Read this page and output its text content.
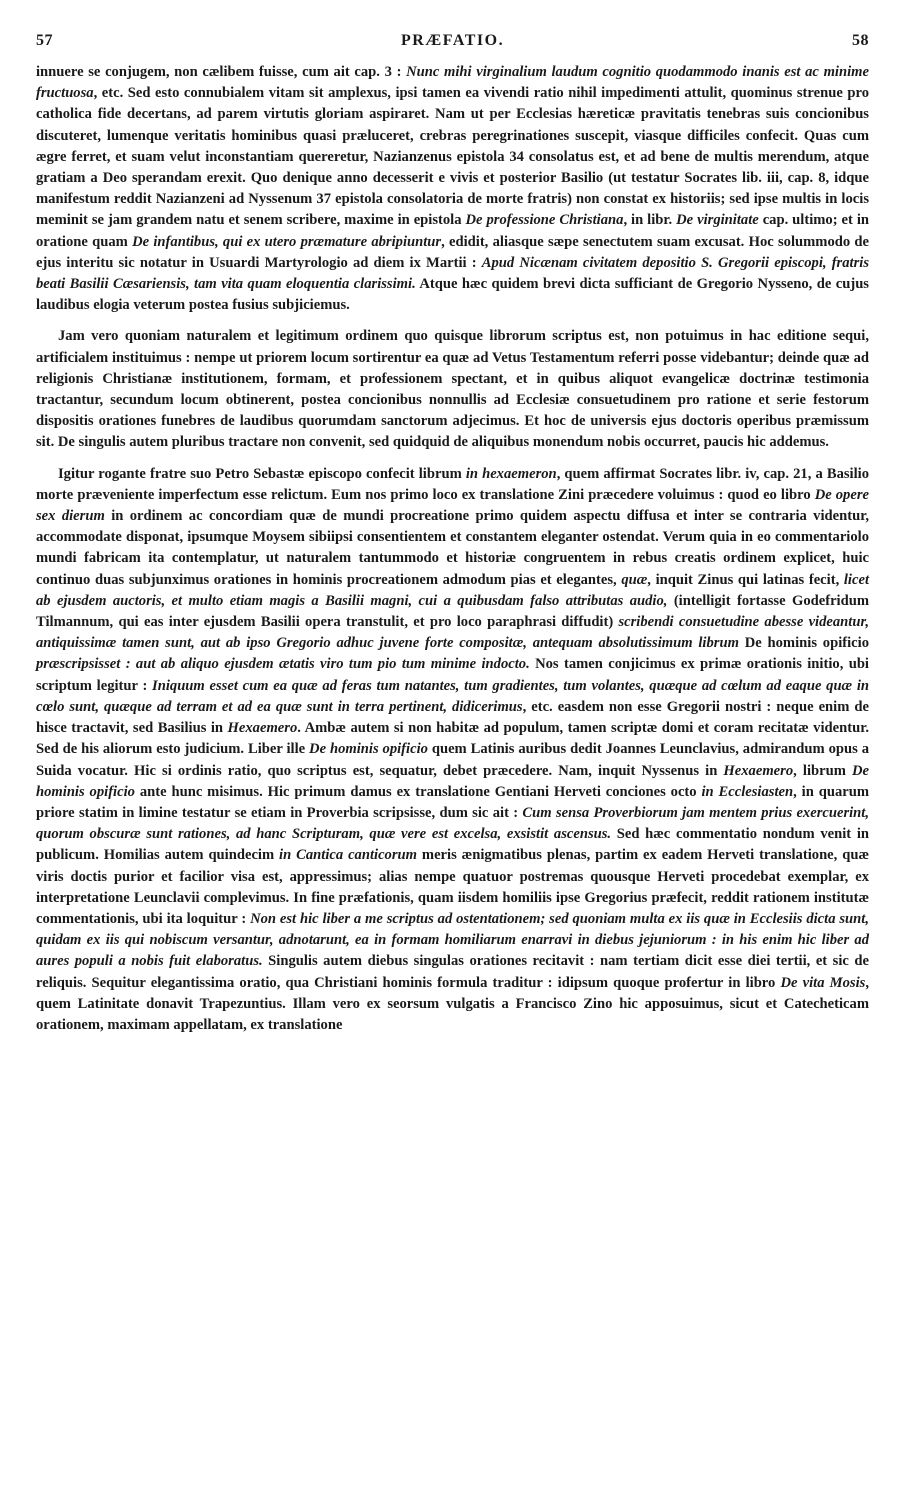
57	PRÆFATIO.	58

innuere se conjugem, non cælibem fuisse, cum ait cap. 3 : Nunc mihi virginalium laudum cognitio quodammodo inanis est ac minime fructuosa, etc. Sed esto connubialem vitam sit amplexus, ipsi tamen ea vivendi ratio nihil impedimenti attulit, quominus strenue pro catholica fide decertans, ad parem virtutis gloriam aspiraret. Nam ut per Ecclesias hæreticæ pravitatis tenebras suis concionibus discuteret, lumenque veritatis hominibus quasi præluceret, crebras peregrinationes suscepit, viasque difficiles confecit. Quas cum ægre ferret, et suam velut inconstantiam quereretur, Nazianzenus epistola 34 consolatus est, et ad bene de multis merendum, atque gratiam a Deo sperandam erexit. Quo denique anno decesserit e vivis et posterior Basilio (ut testatur Socrates lib. iii, cap. 8, idque manifestum reddit Nazianzeni ad Nyssenum 37 epistola consolatoria de morte fratris) non constat ex historiis; sed ipse multis in locis meminit se jam grandem natu et senem scribere, maxime in epistola De professione Christiana, in libr. De virginitate cap. ultimo; et in oratione quam De infantibus, qui ex utero præmature abripiuntur, edidit, aliasque sæpe senectutem suam excusat. Hoc solummodo de ejus interitu sic notatur in Usuardi Martyrologio ad diem ix Martii : Apud Nicænam civitatem depositio S. Gregorii episcopi, fratris beati Basilii Cæsariensis, tam vita quam eloquentia clarissimi. Atque hæc quidem brevi dicta sufficiant de Gregorio Nysseno, de cujus laudibus elogia veterum postea fusius subjiciemus.

Jam vero quoniam naturalem et legitimum ordinem quo quisque librorum scriptus est, non potuimus in hac editione sequi, artificialem instituimus : nempe ut priorem locum sortirentur ea quæ ad Vetus Testamentum referri posse videbantur; deinde quæ ad religionis Christianæ institutionem, formam, et professionem spectant, et in quibus aliquot evangelicæ doctrinæ testimonia tractantur, secundum locum obtinerent, postea concionibus nonnullis ad Ecclesiæ consuetudinem pro ratione et serie festorum dispositis orationes funebres de laudibus quorumdam sanctorum adjecimus. Et hoc de universis ejus doctoris operibus præmissum sit. De singulis autem pluribus tractare non convenit, sed quidquid de aliquibus monendum nobis occurret, paucis hic addemus.

Igitur rogante fratre suo Petro Sebastæ episcopo confecit librum in hexaemeron, quem affirmat Socrates libr. iv, cap. 21, a Basilio morte præveniente imperfectum esse relictum. Eum nos primo loco ex translatione Zini præcedere voluimus : quod eo libro De opere sex dierum in ordinem ac concordiam quæ de mundi procreatione primo quidem aspectu diffusa et inter se contraria videntur, accommodate disponat, ipsumque Moysem sibiipsi consentientem et constantem eleganter ostendat. Verum quia in eo commentariolo mundi fabricam ita contemplatur, ut naturalem tantummodo et historiæ congruentem in rebus creatis ordinem explicet, huic continuo duas subjunximus orationes in hominis procreationem admodum pias et elegantes, quæ, inquit Zinus qui latinas fecit, licet ab ejusdem auctoris, et multo etiam magis a Basilii magni, cui a quibusdam falso attributas audio, (intelligit fortasse Godefridum Tilmannum, qui eas inter ejusdem Basilii opera transtulit, et pro loco paraphrasi diffudit) scribendi consuetudine abesse videantur, antiquissimæ tamen sunt, aut ab ipso Gregorio adhuc juvene forte compositæ, antequam absolutissimum librum De hominis opificio præscripsisset : aut ab aliquo ejusdem ætatis viro tum pio tum minime indocto. Nos tamen conjicimus ex primæ orationis initio, ubi scriptum legitur : Iniquum esset cum ea quæ ad feras tum natantes, tum gradientes, tum volantes, quæque ad cœlum ad eaque quæ in cœlo sunt, quæque ad terram et ad ea quæ sunt in terra pertinent, didicerimus, etc. easdem non esse Gregorii nostri : neque enim de hisce tractavit, sed Basilius in Hexaemero. Ambæ autem si non habitæ ad populum, tamen scriptæ domi et coram recitatæ videntur. Sed de his aliorum esto judicium. Liber ille De hominis opificio quem Latinis auribus dedit Joannes Leunclavius, admirandum opus a Suida vocatur. Hic si ordinis ratio, quo scriptus est, sequatur, debet præcedere. Nam, inquit Nyssenus in Hexaemero, librum De hominis opificio ante hunc misimus. Hic primum damus ex translatione Gentiani Herveti conciones octo in Ecclesiasten, in quarum priore statim in limine testatur se etiam in Proverbia scripsisse, dum sic ait : Cum sensa Proverbiorum jam mentem prius exercuerint, quorum obscuræ sunt rationes, ad hanc Scripturam, quæ vere est excelsa, exsistit ascensus. Sed hæc commentatio nondum venit in publicum. Homilias autem quindecim in Cantica canticorum meris ænigmatibus plenas, partim ex eadem Herveti translatione, quæ viris doctis purior et facilior visa est, appressimus; alias nempe quatuor postremas quousque Herveti procedebat exemplar, ex interpretatione Leunclavii complevimus. In fine præfationis, quam iisdem homiliis ipse Gregorius præfecit, reddit rationem institutæ commentationis, ubi ita loquitur : Non est hic liber a me scriptus ad ostentationem; sed quoniam multa ex iis quæ in Ecclesiis dicta sunt, quidam ex iis qui nobiscum versantur, adnotarunt, ea in formam homiliarum enarravi in diebus jejuniorum : in his enim hic liber ad aures populi a nobis fuit elaboratus. Singulis autem diebus singulas orationes recitavit : nam tertiam dicit esse diei tertii, et sic de reliquis. Sequitur elegantissima oratio, qua Christiani hominis formula traditur : idipsum quoque profertur in libro De vita Mosis, quem Latinitate donavit Trapezuntius. Illam vero ex seorsum vulgatis a Francisco Zino hic apposuimus, sicut et Catecheticam orationem, maximam appellatam, ex translatione
